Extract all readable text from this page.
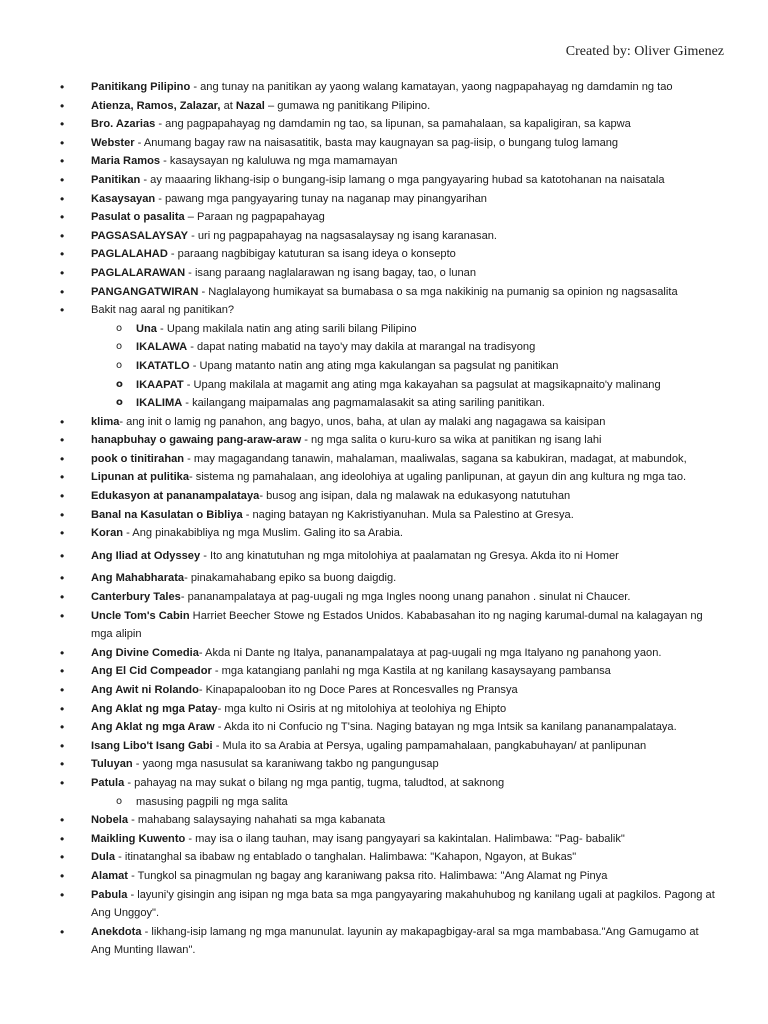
Created by: Oliver Gimenez
• Panitikang Pilipino - ang tunay na panitikan ay yaong walang kamatayan, yaong nagpapahayag ng damdamin ng tao
• Atienza, Ramos, Zalazar, at Nazal – gumawa ng panitikang Pilipino.
• Bro. Azarias - ang pagpapahayag ng damdamin ng tao, sa lipunan, sa pamahalaan, sa kapaligiran, sa kapwa
• Webster - Anumang bagay raw na naisasatitik, basta may kaugnayan sa pag-iisip, o bungang tulog lamang
• Maria Ramos - kasaysayan ng kaluluwa ng mga mamamayan
• Panitikan - ay maaaring likhang-isip o bungang-isip lamang o mga pangyayaring hubad sa katotohanan na naisatala
• Kasaysayan - pawang mga pangyayaring tunay na naganap may pinangyarihan
• Pasulat o pasalita – Paraan ng pagpapahayag
• PAGSASALAYSAY - uri ng pagpapahayag na nagsasalaysay ng isang karanasan.
• PAGLALAHAD - paraang nagbibigay katuturan sa isang ideya o konsepto
• PAGLALARAWAN - isang paraang naglalarawan ng isang bagay, tao, o lunan
• PANGANGATWIRAN - Naglalayong humikayat sa bumabasa o sa mga nakikinig na pumanig sa opinion ng nagsasalita
• Bakit nag aaral ng panitikan?
o Una - Upang makilala natin ang ating sarili bilang Pilipino
o IKALAWA - dapat nating mabatid na tayo'y may dakila at marangal na tradisyong
o IKATATLO - Upang matanto natin ang ating mga kakulangan sa pagsulat ng panitikan
o IKAAPAT - Upang makilala at magamit ang ating mga kakayahan sa pagsulat at magsikapnaito'y malinang
o IKALIMA - kailangang maipamalas ang pagmamalasakit sa ating sariling panitikan.
• klima- ang init o lamig ng panahon, ang bagyo, unos, baha, at ulan ay malaki ang nagagawa sa kaisipan
• hanapbuhay o gawaing pang-araw-araw - ng mga salita o kuru-kuro sa wika at panitikan ng isang lahi
• pook o tinitirahan - may magagandang tanawin, mahalaman, maaliwalas, sagana sa kabukiran, madagat, at mabundok,
• Lipunan at pulitika- sistema ng pamahalaan, ang ideolohiya at ugaling panlipunan, at gayun din ang kultura ng mga tao.
• Edukasyon at pananampalataya- busog ang isipan, dala ng malawak na edukasyong natutuhan
• Banal na Kasulatan o Bibliya - naging batayan ng Kakristiyanuhan. Mula sa Palestino at Gresya.
• Koran - Ang pinakabibliya ng mga Muslim. Galing ito sa Arabia.
• Ang Iliad at Odyssey - Ito ang kinatutuhan ng mga mitolohiya at paalamatan ng Gresya. Akda ito ni Homer
• Ang Mahabharata- pinakamahabang epiko sa buong daigdig.
• Canterbury Tales- pananampalataya at pag-uugali ng mga Ingles noong unang panahon . sinulat ni Chaucer.
• Uncle Tom's Cabin Harriet Beecher Stowe ng Estados Unidos. Kababasahan ito ng naging karumal-dumal na kalagayan ng mga alipin
• Ang Divine Comedia- Akda ni Dante ng Italya, pananampalataya at pag-uugali ng mga Italyano ng panahong yaon.
• Ang El Cid Compeador - mga katangiang panlahi ng mga Kastila at ng kanilang kasaysayang pambansa
• Ang Awit ni Rolando- Kinapapalooban ito ng Doce Pares at Roncesvalles ng Pransya
• Ang Aklat ng mga Patay- mga kulto ni Osiris at ng mitolohiya at teolohiya ng Ehipto
• Ang Aklat ng mga Araw - Akda ito ni Confucio ng T'sina. Naging batayan ng mga Intsik sa kanilang pananampalataya.
• Isang Libo't Isang Gabi - Mula ito sa Arabia at Persya, ugaling pampamahalaan, pangkabuhayan/ at panlipunan
• Tuluyan - yaong mga nasusulat sa karaniwang takbo ng pangungusap
• Patula - pahayag na may sukat o bilang ng mga pantig, tugma, taludtod, at saknong
o masusing pagpili ng mga salita
• Nobela - mahabang salaysaying nahahati sa mga kabanata
• Maikling Kuwento - may isa o ilang tauhan, may isang pangyayari sa kakintalan. Halimbawa: "Pag- babalik"
• Dula - itinatanghal sa ibabaw ng entablado o tanghalan. Halimbawa: "Kahapon, Ngayon, at Bukas"
• Alamat - Tungkol sa pinagmulan ng bagay ang karaniwang paksa rito. Halimbawa: "Ang Alamat ng Pinya
• Pabula - layuni'y gisingin ang isipan ng mga bata sa mga pangyayaring makahuhubog ng kanilang ugali at pagkilos. Pagong at Ang Unggoy".
• Anekdota - likhang-isip lamang ng mga manunulat. layunin ay makapagbigay-aral sa mga mambabasa."Ang Gamugamo at Ang Munting Ilawan".
